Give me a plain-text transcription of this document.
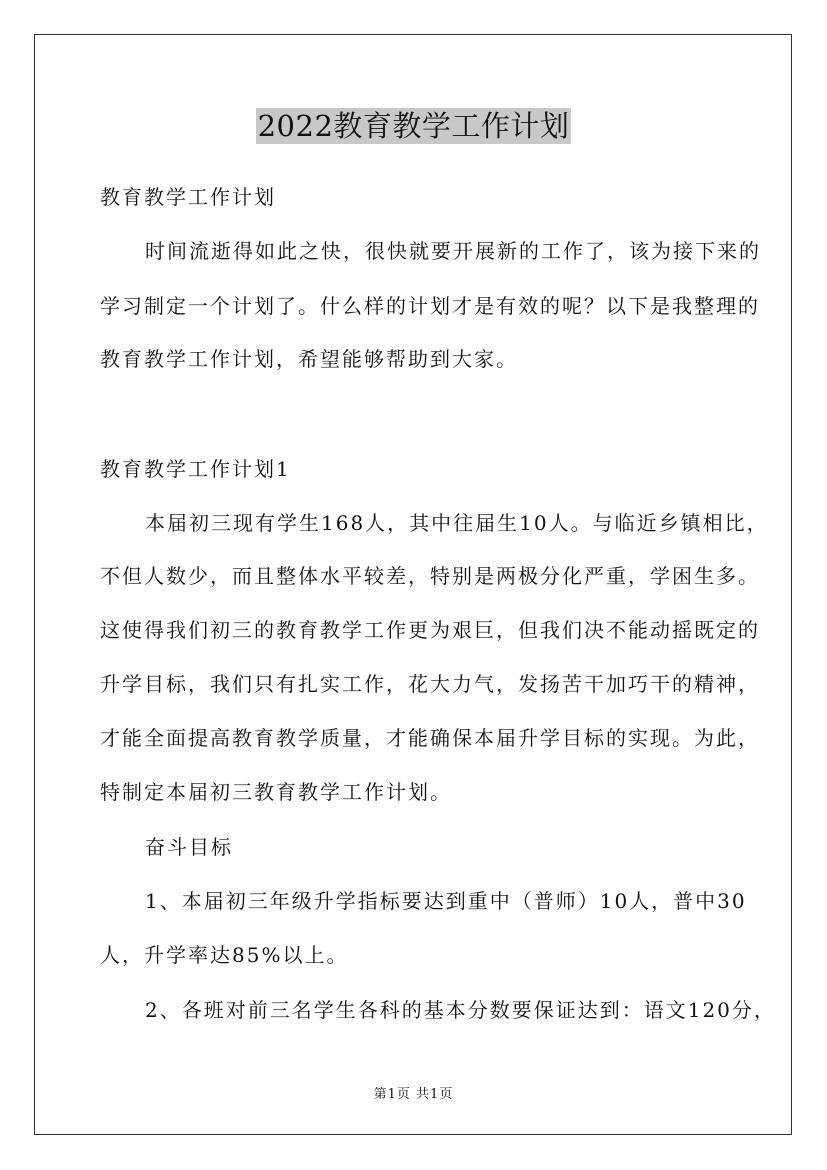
2022教育教学工作计划
教育教学工作计划
时间流逝得如此之快，很快就要开展新的工作了，该为接下来的
学习制定一个计划了。什么样的计划才是有效的呢？以下是我整理的
教育教学工作计划，希望能够帮助到大家。
教育教学工作计划1
本届初三现有学生168人，其中往届生10人。与临近乡镇相比，
不但人数少，而且整体水平较差，特别是两极分化严重，学困生多。
这使得我们初三的教育教学工作更为艰巨，但我们决不能动摇既定的
升学目标，我们只有扎实工作，花大力气，发扬苦干加巧干的精神，
才能全面提高教育教学质量，才能确保本届升学目标的实现。为此，
特制定本届初三教育教学工作计划。
奋斗目标
1、本届初三年级升学指标要达到重中（普师）10人，普中30
人，升学率达85%以上。
2、各班对前三名学生各科的基本分数要保证达到：语文120分，
第1页 共1页
